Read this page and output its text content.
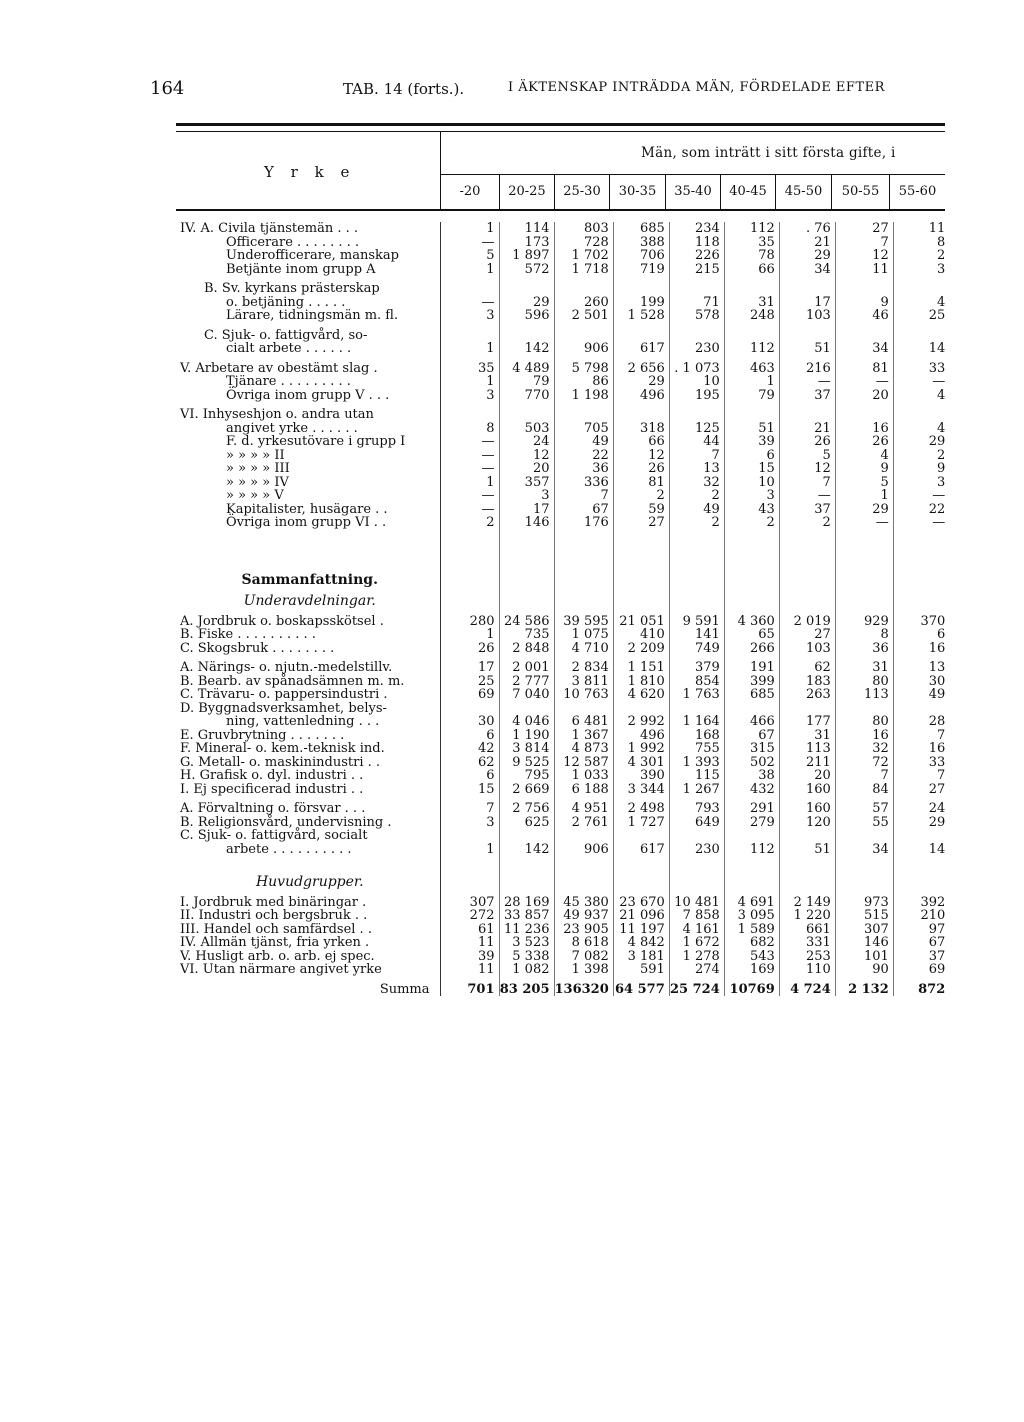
164	TAB. 14 (forts.).	I ÄKTENSKAP INTRÄDDA MÄN, FÖRDELADE EFTER
Y r k e
Män, som inträtt i sitt första gifte, i
-20	20-25	25-30	30-35	35-40	40-45	45-50	50-55	55-60
IV. A. Civila tjänstemän . . .	1	114	803	685	234	112	. 76	27	11
Officerare . . . . . . . .	—	173	728	388	118	35	21	7	8
Underofficerare, manskap	5	1 897	1 702	706	226	78	29	12	2
Betjänte inom grupp A	1	572	1 718	719	215	66	34	11	3

B. Sv. kyrkans prästerskap									
o. betjäning . . . . .	—	29	260	199	71	31	17	9	4
Lärare, tidningsmän m. fl.	3	596	2 501	1 528	578	248	103	46	25

C. Sjuk- o. fattigvård, so-									
cialt arbete . . . . . .	1	142	906	617	230	112	51	34	14

V. Arbetare av obestämt slag .	35	4 489	5 798	2 656	. 1 073	463	216	81	33
Tjänare . . . . . . . . .	1	79	86	29	10	1	—	—	—
Övriga inom grupp V . . .	3	770	1 198	496	195	79	37	20	4

VI. Inhyseshjon o. andra utan									
angivet yrke . . . . . .	8	503	705	318	125	51	21	16	4
F. d. yrkesutövare i grupp I	—	24	49	66	44	39	26	26	29
» » » » II	—	12	22	12	7	6	5	4	2
» » » » III	—	20	36	26	13	15	12	9	9
» » » » IV	1	357	336	81	32	10	7	5	3
» » » » V	—	3	7	2	2	3	—	1	—
Kapitalister, husägare . .	—	17	67	59	49	43	37	29	22
Övriga inom grupp VI . .	2	146	176	27	2	2	2	—	—

Sammanfattning.									
Underavdelningar.									

A. Jordbruk o. boskapsskötsel .	280	24 586	39 595	21 051	9 591	4 360	2 019	929	370
B. Fiske . . . . . . . . . .	1	735	1 075	410	141	65	27	8	6
C. Skogsbruk . . . . . . . .	26	2 848	4 710	2 209	749	266	103	36	16

A. Närings- o. njutn.-medelstillv.	17	2 001	2 834	1 151	379	191	62	31	13
B. Bearb. av spånadsämnen m. m.	25	2 777	3 811	1 810	854	399	183	80	30
C. Trävaru- o. pappersindustri .	69	7 040	10 763	4 620	1 763	685	263	113	49
D. Byggnadsverksamhet, belys-									
ning, vattenledning . . .	30	4 046	6 481	2 992	1 164	466	177	80	28
E. Gruvbrytning . . . . . . .	6	1 190	1 367	496	168	67	31	16	7
F. Mineral- o. kem.-teknisk ind.	42	3 814	4 873	1 992	755	315	113	32	16
G. Metall- o. maskinindustri . .	62	9 525	12 587	4 301	1 393	502	211	72	33
H. Grafisk o. dyl. industri . .	6	795	1 033	390	115	38	20	7	7
I. Ej specificerad industri . .	15	2 669	6 188	3 344	1 267	432	160	84	27

A. Förvaltning o. försvar . . .	7	2 756	4 951	2 498	793	291	160	57	24
B. Religionsvård, undervisning .	3	625	2 761	1 727	649	279	120	55	29
C. Sjuk- o. fattigvård, socialt									
arbete . . . . . . . . . .	1	142	906	617	230	112	51	34	14

Huvudgrupper.									

I. Jordbruk med binäringar .	307	28 169	45 380	23 670	10 481	4 691	2 149	973	392
II. Industri och bergsbruk . .	272	33 857	49 937	21 096	7 858	3 095	1 220	515	210
III. Handel och samfärdsel . .	61	11 236	23 905	11 197	4 161	1 589	661	307	97
IV. Allmän tjänst, fria yrken .	11	3 523	8 618	4 842	1 672	682	331	146	67
V. Husligt arb. o. arb. ej spec.	39	5 338	7 082	3 181	1 278	543	253	101	37
VI. Utan närmare angivet yrke	11	1 082	1 398	591	274	169	110	90	69

Summa	701	83 205	136320	64 577	25 724	10769	4 724	2 132	872
